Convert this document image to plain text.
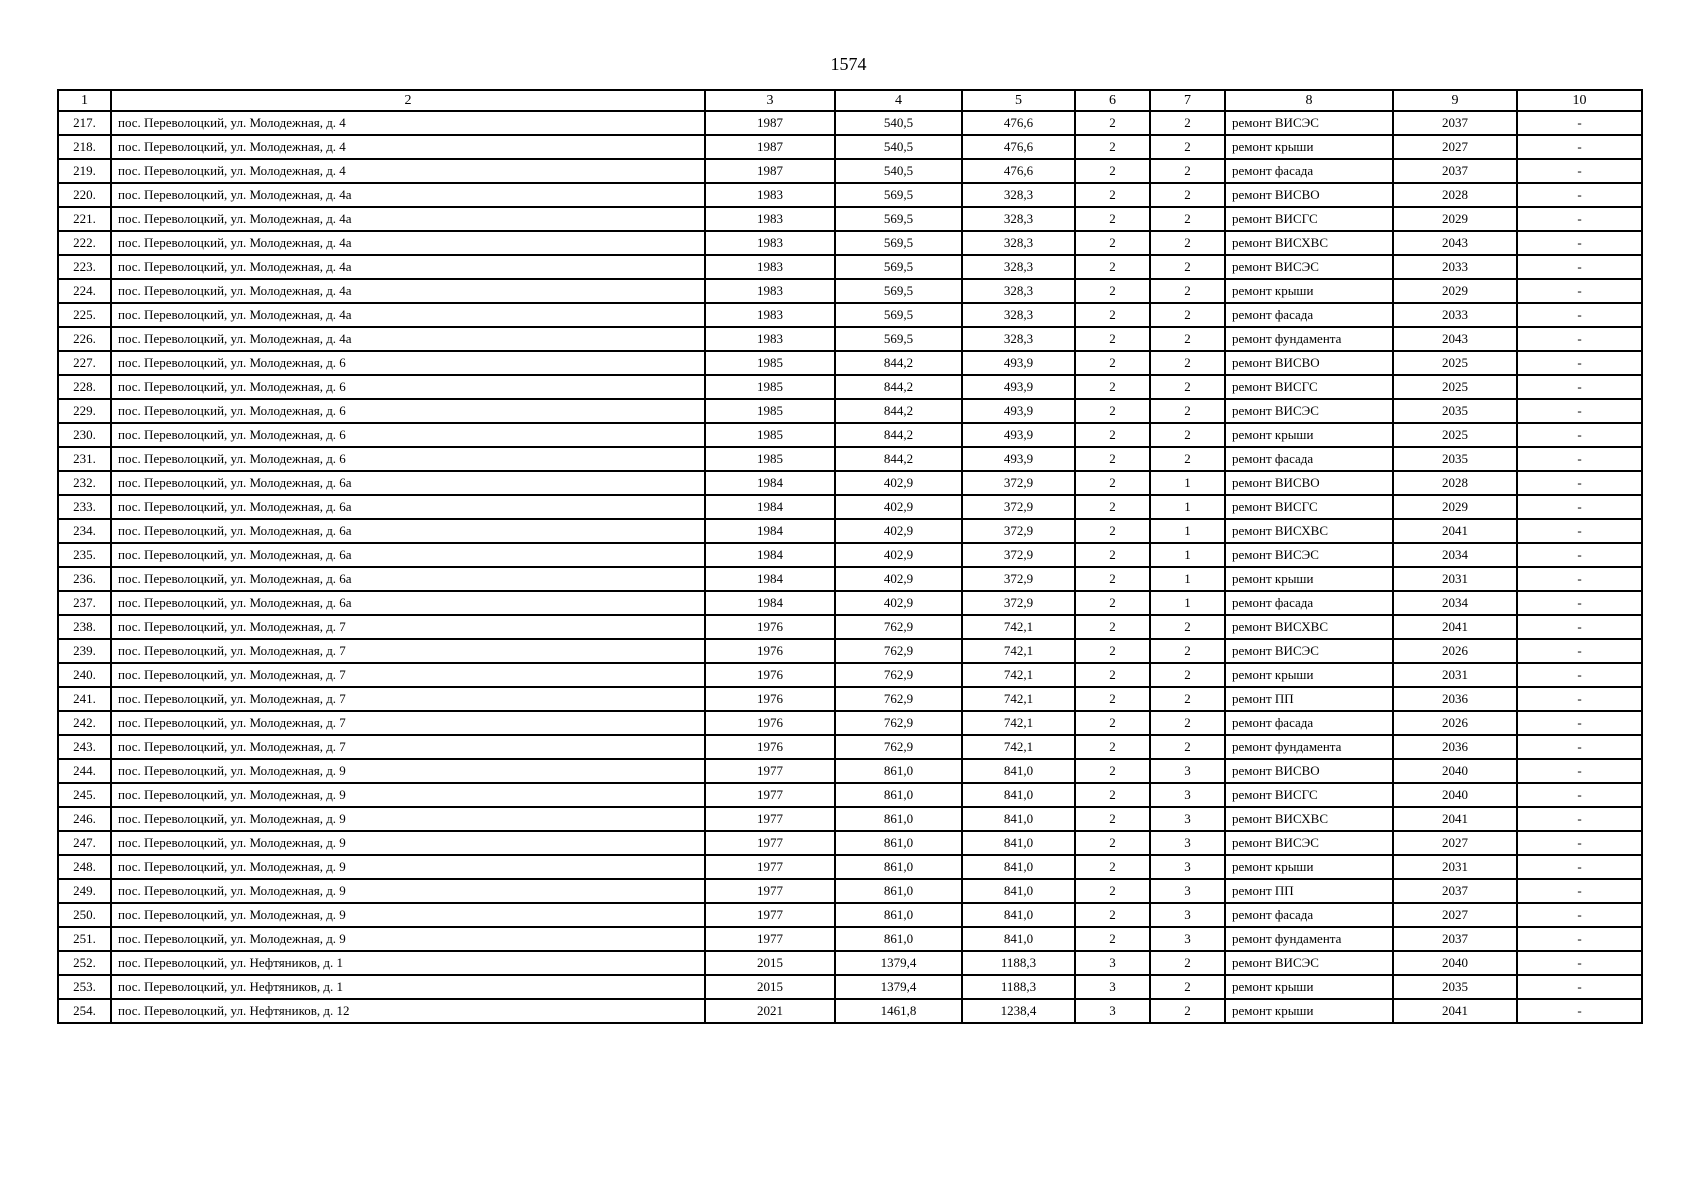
1574
1	2	3	4	5	6	7	8	9	10
217.	пос. Переволоцкий, ул. Молодежная, д. 4	1987	540,5	476,6	2	2	ремонт ВИСЭС	2037	-
218.	пос. Переволоцкий, ул. Молодежная, д. 4	1987	540,5	476,6	2	2	ремонт крыши	2027	-
219.	пос. Переволоцкий, ул. Молодежная, д. 4	1987	540,5	476,6	2	2	ремонт фасада	2037	-
220.	пос. Переволоцкий, ул. Молодежная, д. 4а	1983	569,5	328,3	2	2	ремонт ВИСВО	2028	-
221.	пос. Переволоцкий, ул. Молодежная, д. 4а	1983	569,5	328,3	2	2	ремонт ВИСГС	2029	-
222.	пос. Переволоцкий, ул. Молодежная, д. 4а	1983	569,5	328,3	2	2	ремонт ВИСХВС	2043	-
223.	пос. Переволоцкий, ул. Молодежная, д. 4а	1983	569,5	328,3	2	2	ремонт ВИСЭС	2033	-
224.	пос. Переволоцкий, ул. Молодежная, д. 4а	1983	569,5	328,3	2	2	ремонт крыши	2029	-
225.	пос. Переволоцкий, ул. Молодежная, д. 4а	1983	569,5	328,3	2	2	ремонт фасада	2033	-
226.	пос. Переволоцкий, ул. Молодежная, д. 4а	1983	569,5	328,3	2	2	ремонт фундамента	2043	-
227.	пос. Переволоцкий, ул. Молодежная, д. 6	1985	844,2	493,9	2	2	ремонт ВИСВО	2025	-
228.	пос. Переволоцкий, ул. Молодежная, д. 6	1985	844,2	493,9	2	2	ремонт ВИСГС	2025	-
229.	пос. Переволоцкий, ул. Молодежная, д. 6	1985	844,2	493,9	2	2	ремонт ВИСЭС	2035	-
230.	пос. Переволоцкий, ул. Молодежная, д. 6	1985	844,2	493,9	2	2	ремонт крыши	2025	-
231.	пос. Переволоцкий, ул. Молодежная, д. 6	1985	844,2	493,9	2	2	ремонт фасада	2035	-
232.	пос. Переволоцкий, ул. Молодежная, д. 6а	1984	402,9	372,9	2	1	ремонт ВИСВО	2028	-
233.	пос. Переволоцкий, ул. Молодежная, д. 6а	1984	402,9	372,9	2	1	ремонт ВИСГС	2029	-
234.	пос. Переволоцкий, ул. Молодежная, д. 6а	1984	402,9	372,9	2	1	ремонт ВИСХВС	2041	-
235.	пос. Переволоцкий, ул. Молодежная, д. 6а	1984	402,9	372,9	2	1	ремонт ВИСЭС	2034	-
236.	пос. Переволоцкий, ул. Молодежная, д. 6а	1984	402,9	372,9	2	1	ремонт крыши	2031	-
237.	пос. Переволоцкий, ул. Молодежная, д. 6а	1984	402,9	372,9	2	1	ремонт фасада	2034	-
238.	пос. Переволоцкий, ул. Молодежная, д. 7	1976	762,9	742,1	2	2	ремонт ВИСХВС	2041	-
239.	пос. Переволоцкий, ул. Молодежная, д. 7	1976	762,9	742,1	2	2	ремонт ВИСЭС	2026	-
240.	пос. Переволоцкий, ул. Молодежная, д. 7	1976	762,9	742,1	2	2	ремонт крыши	2031	-
241.	пос. Переволоцкий, ул. Молодежная, д. 7	1976	762,9	742,1	2	2	ремонт ПП	2036	-
242.	пос. Переволоцкий, ул. Молодежная, д. 7	1976	762,9	742,1	2	2	ремонт фасада	2026	-
243.	пос. Переволоцкий, ул. Молодежная, д. 7	1976	762,9	742,1	2	2	ремонт фундамента	2036	-
244.	пос. Переволоцкий, ул. Молодежная, д. 9	1977	861,0	841,0	2	3	ремонт ВИСВО	2040	-
245.	пос. Переволоцкий, ул. Молодежная, д. 9	1977	861,0	841,0	2	3	ремонт ВИСГС	2040	-
246.	пос. Переволоцкий, ул. Молодежная, д. 9	1977	861,0	841,0	2	3	ремонт ВИСХВС	2041	-
247.	пос. Переволоцкий, ул. Молодежная, д. 9	1977	861,0	841,0	2	3	ремонт ВИСЭС	2027	-
248.	пос. Переволоцкий, ул. Молодежная, д. 9	1977	861,0	841,0	2	3	ремонт крыши	2031	-
249.	пос. Переволоцкий, ул. Молодежная, д. 9	1977	861,0	841,0	2	3	ремонт ПП	2037	-
250.	пос. Переволоцкий, ул. Молодежная, д. 9	1977	861,0	841,0	2	3	ремонт фасада	2027	-
251.	пос. Переволоцкий, ул. Молодежная, д. 9	1977	861,0	841,0	2	3	ремонт фундамента	2037	-
252.	пос. Переволоцкий, ул. Нефтяников, д. 1	2015	1379,4	1188,3	3	2	ремонт ВИСЭС	2040	-
253.	пос. Переволоцкий, ул. Нефтяников, д. 1	2015	1379,4	1188,3	3	2	ремонт крыши	2035	-
254.	пос. Переволоцкий, ул. Нефтяников, д. 12	2021	1461,8	1238,4	3	2	ремонт крыши	2041	-
